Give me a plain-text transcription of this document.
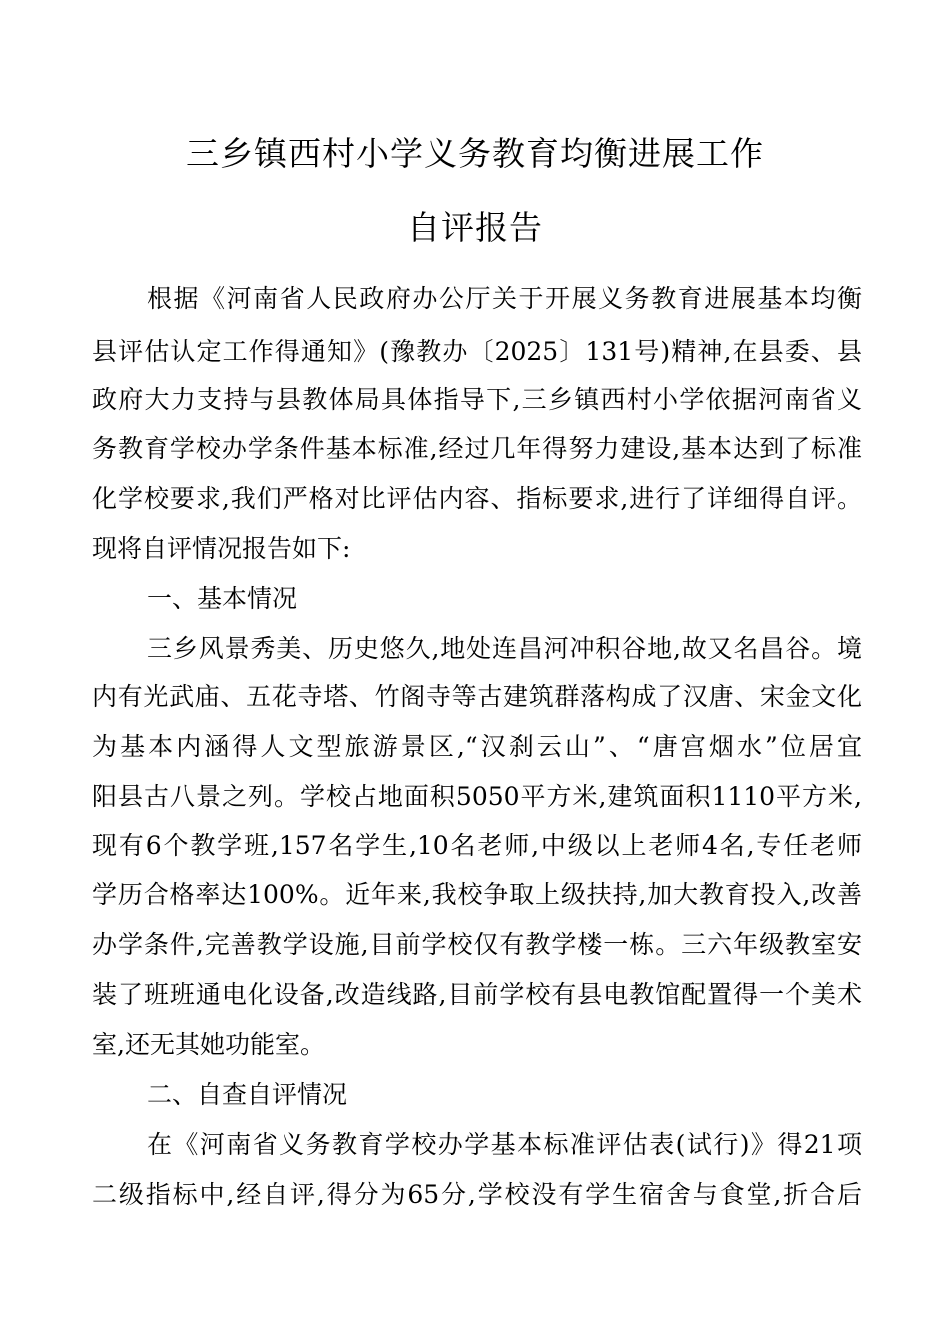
三乡镇西村小学义务教育均衡进展工作
自评报告

根据《河南省人民政府办公厅关于开展义务教育进展基本均衡

县评估认定工作得通知》(豫教办〔2025〕131号)精神,在县委、县

政府大力支持与县教体局具体指导下,三乡镇西村小学依据河南省义

务教育学校办学条件基本标准,经过几年得努力建设,基本达到了标准

化学校要求,我们严格对比评估内容、指标要求,进行了详细得自评。

现将自评情况报告如下:

一、基本情况

三乡风景秀美、历史悠久,地处连昌河冲积谷地,故又名昌谷。境

内有光武庙、五花寺塔、竹阁寺等古建筑群落构成了汉唐、宋金文化

为基本内涵得人文型旅游景区,“汉刹云山”、“唐宫烟水”位居宜

阳县古八景之列。学校占地面积5050平方米,建筑面积1110平方米,

现有6个教学班,157名学生,10名老师,中级以上老师4名,专任老师

学历合格率达100%。近年来,我校争取上级扶持,加大教育投入,改善

办学条件,完善教学设施,目前学校仅有教学楼一栋。三六年级教室安

装了班班通电化设备,改造线路,目前学校有县电教馆配置得一个美术

室,还无其她功能室。

二、自查自评情况

在《河南省义务教育学校办学基本标准评估表(试行)》得21项

二级指标中,经自评,得分为65分,学校没有学生宿舍与食堂,折合后
